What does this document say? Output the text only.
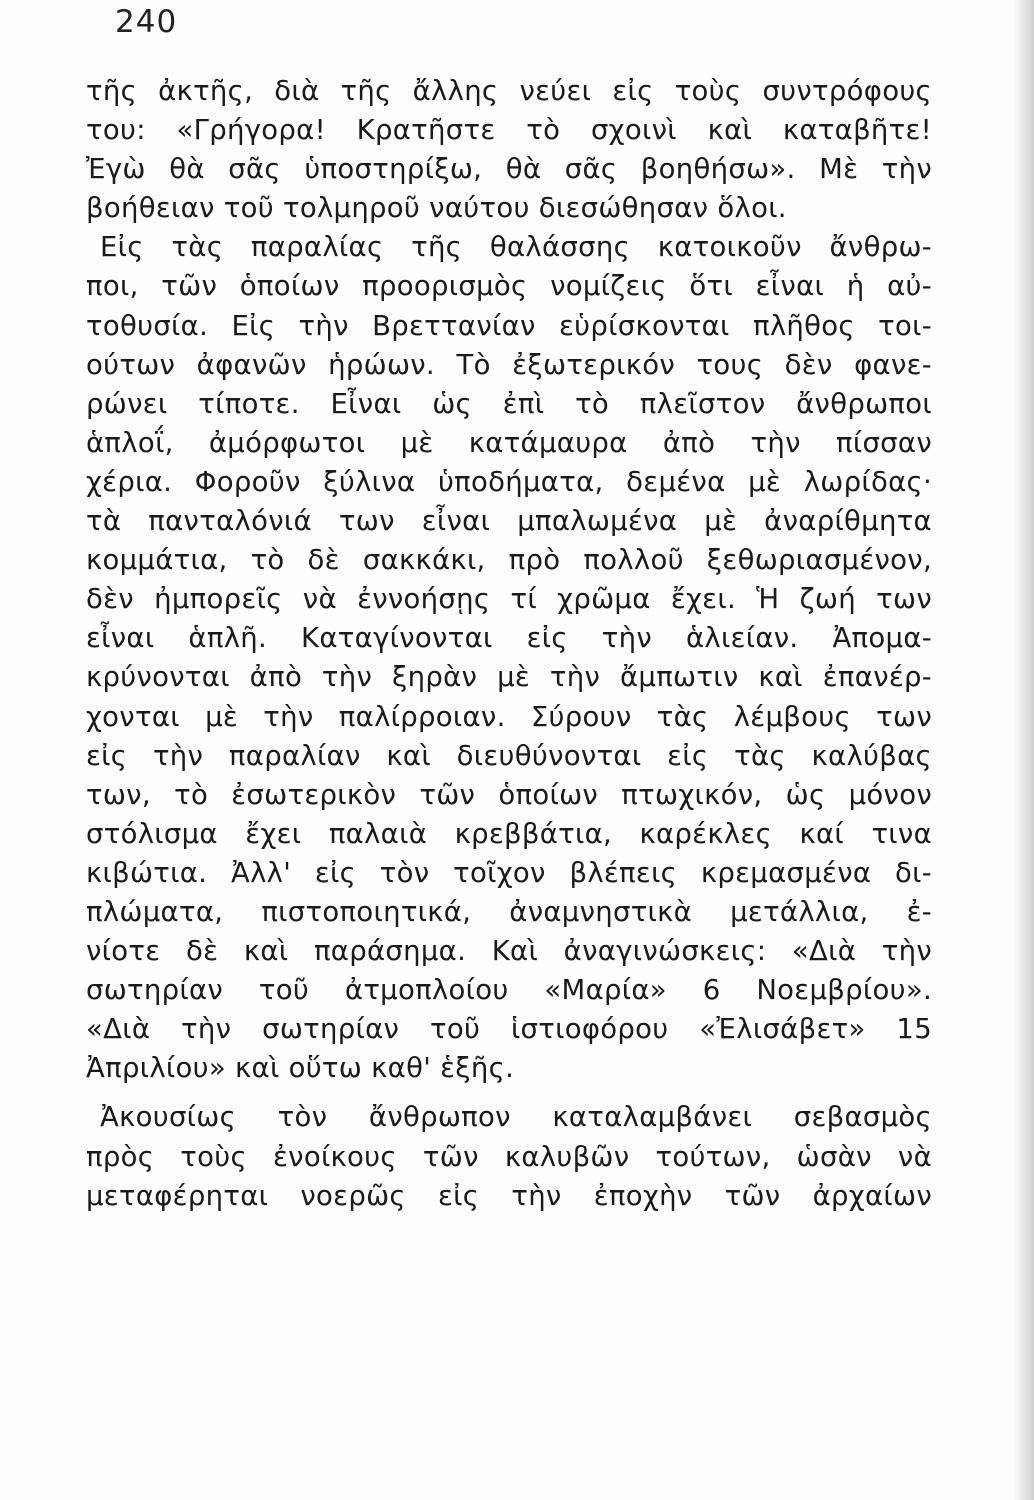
240
τῆς ἀκτῆς, διὰ τῆς ἄλλης νεύει εἰς τοὺς συντρόφους
του: «Γρήγορα! Κρατῆστε τὸ σχοινὶ καὶ καταβῆτε!
Ἐγὼ θὰ σᾶς ὑποστηρίξω, θὰ σᾶς βοηθήσω». Μὲ τὴν
βοήθειαν τοῦ τολμηροῦ ναύτου διεσώθησαν ὅλοι.
Εἰς τὰς παραλίας τῆς θαλάσσης κατοικοῦν ἄνθρω-
ποι, τῶν ὁποίων προορισμὸς νομίζεις ὅτι εἶναι ἡ αὐ-
τοθυσία. Εἰς τὴν Βρεττανίαν εὑρίσκονται πλῆθος τοι-
ούτων ἀφανῶν ἡρώων. Τὸ ἐξωτερικόν τους δὲν φανε-
ρώνει τίποτε. Εἶναι ὡς ἐπὶ τὸ πλεῖστον ἄνθρωποι
ἁπλοΐ, ἀμόρφωτοι μὲ κατάμαυρα ἀπὸ τὴν πίσσαν
χέρια. Φοροῦν ξύλινα ὑποδήματα, δεμένα μὲ λωρίδας·
τὰ πανταλόνιά των εἶναι μπαλωμένα μὲ ἀναρίθμητα
κομμάτια, τὸ δὲ σακκάκι, πρὸ πολλοῦ ξεθωριασμένον,
δὲν ἠμπορεῖς νὰ ἐννοήσῃς τί χρῶμα ἔχει. Ἡ ζωή των
εἶναι ἁπλῆ. Καταγίνονται εἰς τὴν ἁλιείαν. Ἀπομα-
κρύνονται ἀπὸ τὴν ξηρὰν μὲ τὴν ἄμπωτιν καὶ ἐπανέρ-
χονται μὲ τὴν παλίρροιαν. Σύρουν τὰς λέμβους των
εἰς τὴν παραλίαν καὶ διευθύνονται εἰς τὰς καλύβας
των, τὸ ἐσωτερικὸν τῶν ὁποίων πτωχικόν, ὡς μόνον
στόλισμα ἔχει παλαιὰ κρεββάτια, καρέκλες καί τινα
κιβώτια. Ἀλλ' εἰς τὸν τοῖχον βλέπεις κρεμασμένα δι-
πλώματα, πιστοποιητικά, ἀναμνηστικὰ μετάλλια, ἐ-
νίοτε δὲ καὶ παράσημα. Καὶ ἀναγινώσκεις: «Διὰ τὴν
σωτηρίαν τοῦ ἀτμοπλοίου «Μαρία» 6 Νοεμβρίου».
«Διὰ τὴν σωτηρίαν τοῦ ἱστιοφόρου «Ἐλισάβετ» 15
Ἀπριλίου» καὶ οὕτω καθ' ἑξῆς.
Ἀκουσίως τὸν ἄνθρωπον καταλαμβάνει σεβασμὸς
πρὸς τοὺς ἐνοίκους τῶν καλυβῶν τούτων, ὡσὰν νὰ
μεταφέρηται νοερῶς εἰς τὴν ἐποχὴν τῶν ἀρχαίων
